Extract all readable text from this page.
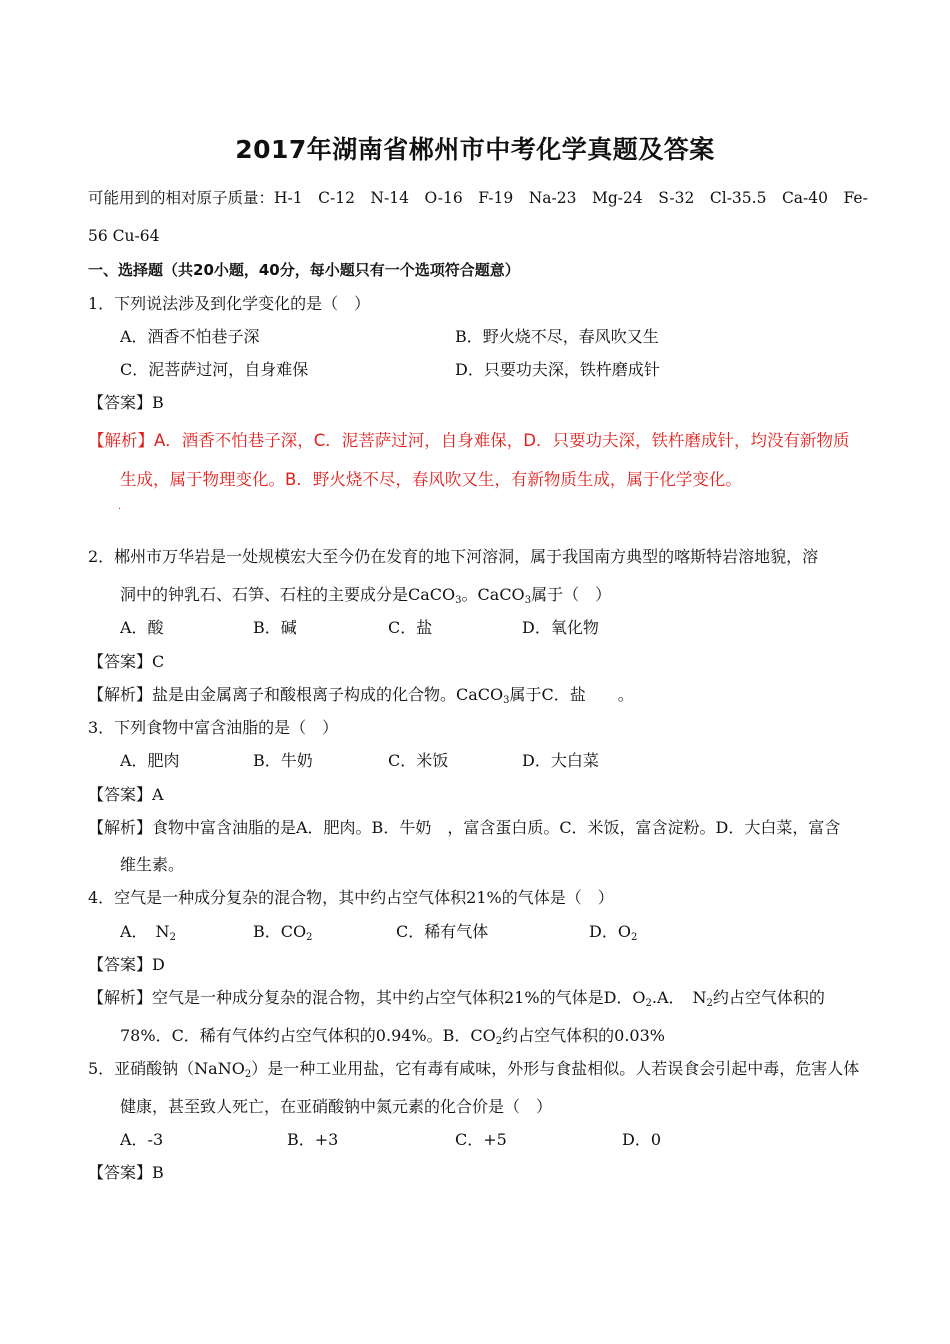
2017年湖南省郴州市中考化学真题及答案
可能用到的相对原子质量：H-1　C-12　N-14　O-16　F-19　Na-23　Mg-24　S-32　Cl-35.5　Ca-40　Fe-
56 Cu-64
一、选择题（共20小题，40分，每小题只有一个选项符合题意）
1．下列说法涉及到化学变化的是（　）
A．酒香不怕巷子深	B．野火烧不尽，春风吹又生
C．泥菩萨过河，自身难保	D．只要功夫深，铁杵磨成针
【答案】B
【解析】A．酒香不怕巷子深，C．泥菩萨过河，自身难保，D．只要功夫深，铁杵磨成针，均没有新物质
生成，属于物理变化。B．野火烧不尽，春风吹又生，有新物质生成，属于化学变化。
.
2．郴州市万华岩是一处规模宏大至今仍在发育的地下河溶洞，属于我国南方典型的喀斯特岩溶地貌，溶
洞中的钟乳石、石笋、石柱的主要成分是CaCO$_3$。CaCO$_3$属于（　）
A．酸	B．碱	C．盐	D．氧化物
【答案】C
【解析】盐是由金属离子和酸根离子构成的化合物。CaCO$_3$属于C．盐　　。
3．下列食物中富含油脂的是（　）
A．肥肉	B．牛奶	C．米饭	D．大白菜
【答案】A
【解析】食物中富含油脂的是A．肥肉。B．牛奶　，富含蛋白质。C．米饭，富含淀粉。D．大白菜，富含
维生素。
4．空气是一种成分复杂的混合物，其中约占空气体积21%的气体是（　）
A．　$N_2$	B．$CO_2$	C．稀有气体	D．$O_2$
【答案】D
【解析】空气是一种成分复杂的混合物，其中约占空气体积21%的气体是D．$O_2.A$．　$N_2$约占空气体积的
78%．C．稀有气体约占空气体积的0.94%。B．$CO_2$约占空气体积的0.03%
5．亚硝酸钠（NaNO$_2$）是一种工业用盐，它有毒有咸味，外形与食盐相似。人若误食会引起中毒，危害人体
健康，甚至致人死亡，在亚硝酸钠中氮元素的化合价是（　）
A．-3	B．+3	C．+5	D．0
【答案】B
